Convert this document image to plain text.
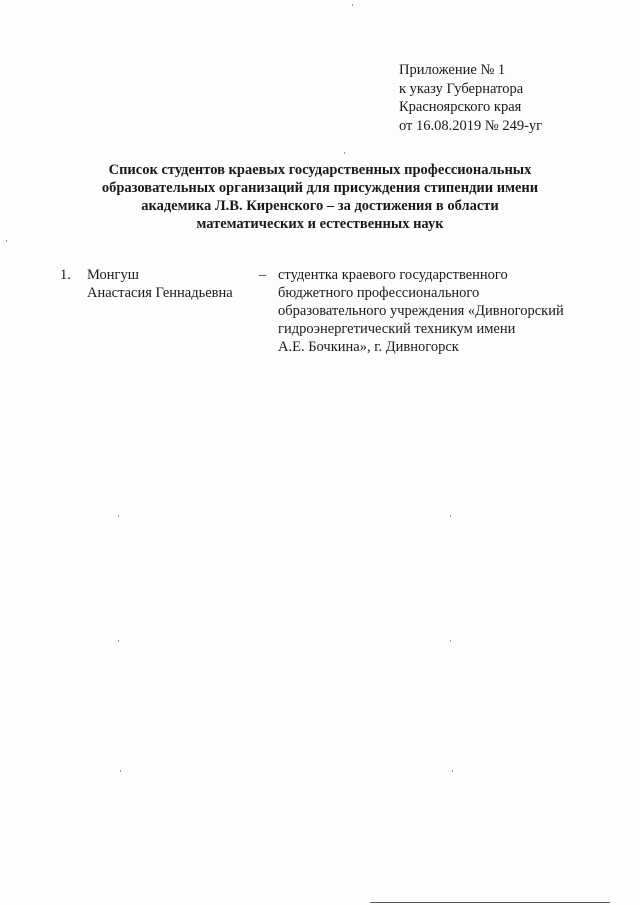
Приложение № 1
к указу Губернатора
Красноярского края
от 16.08.2019 № 249-уг
Список студентов краевых государственных профессиональных
образовательных организаций для присуждения стипендии имени
академика Л.В. Киренского – за достижения в области
математических и естественных наук
1. Монгуш
Анастасия Геннадьевна
– студентка краевого государственного
бюджетного профессионального
образовательного учреждения «Дивногорский
гидроэнергетический техникум имени
А.Е. Бочкина», г. Дивногорск
